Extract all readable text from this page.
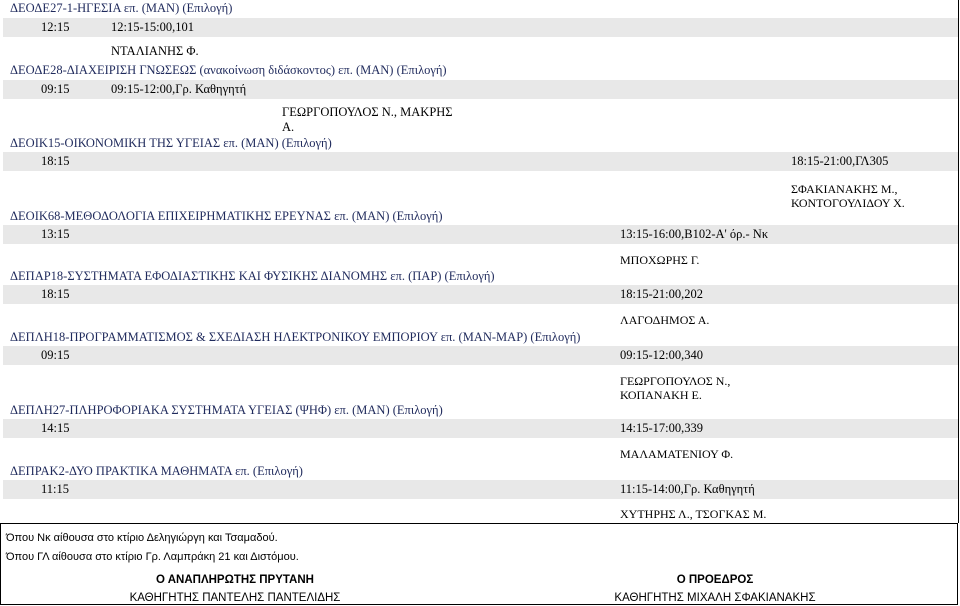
ΔΕΟΔΕ27-1-ΗΓΕΣΙΑ επ. (ΜΑΝ) (Επιλογή)
12:15	12:15-15:00,101
ΝΤΑΛΙΑΝΗΣ Φ.
ΔΕΟΔΕ28-ΔΙΑΧΕΙΡΙΣΗ ΓΝΩΣΕΩΣ (ανακοίνωση διδάσκοντος) επ. (ΜΑΝ) (Επιλογή)
09:15	09:15-12:00,Γρ. Καθηγητή
ΓΕΩΡΓΟΠΟΥΛΟΣ Ν., ΜΑΚΡΗΣ
Α.
ΔΕΟΙΚ15-ΟΙΚΟΝΟΜΙΚΗ ΤΗΣ ΥΓΕΙΑΣ επ. (ΜΑΝ) (Επιλογή)
18:15	18:15-21:00,ΓΛ305
ΣΦΑΚΙΑΝΑΚΗΣ Μ.,
ΚΟΝΤΟΓΟΥΛΙΔΟΥ Χ.
ΔΕΟΙΚ68-ΜΕΘΟΔΟΛΟΓΙΑ ΕΠΙΧΕΙΡΗΜΑΤΙΚΗΣ ΕΡΕΥΝΑΣ επ. (ΜΑΝ) (Επιλογή)
13:15	13:15-16:00,Β102-Α' όρ.- Νκ
ΜΠΟΧΩΡΗΣ Γ.
ΔΕΠΑΡ18-ΣΥΣΤΗΜΑΤΑ ΕΦΟΔΙΑΣΤΙΚΗΣ ΚΑΙ ΦΥΣΙΚΗΣ ΔΙΑΝΟΜΗΣ επ. (ΠΑΡ) (Επιλογή)
18:15	18:15-21:00,202
ΛΑΓΟΔΗΜΟΣ Α.
ΔΕΠΛΗ18-ΠΡΟΓΡΑΜΜΑΤΙΣΜΟΣ & ΣΧΕΔΙΑΣΗ ΗΛΕΚΤΡΟΝΙΚΟΥ ΕΜΠΟΡΙΟΥ επ. (ΜΑΝ-ΜΑΡ) (Επιλογή)
09:15	09:15-12:00,340
ΓΕΩΡΓΟΠΟΥΛΟΣ Ν.,
ΚΟΠΑΝΑΚΗ Ε.
ΔΕΠΛΗ27-ΠΛΗΡΟΦΟΡΙΑΚΑ ΣΥΣΤΗΜΑΤΑ ΥΓΕΙΑΣ (ΨΗΦ) επ. (ΜΑΝ) (Επιλογή)
14:15	14:15-17:00,339
ΜΑΛΑΜΑΤΕΝΙΟΥ Φ.
ΔΕΠΡΑΚ2-ΔΥΟ ΠΡΑΚΤΙΚΑ ΜΑΘΗΜΑΤΑ επ. (Επιλογή)
11:15	11:15-14:00,Γρ. Καθηγητή
ΧΥΤΗΡΗΣ Λ., ΤΣΟΓΚΑΣ Μ.
Όπου Νκ αίθουσα στο κτίριο Δεληγιώργη και Τσαμαδού.
Όπου ΓΛ αίθουσα στο κτίριο Γρ. Λαμπράκη 21 και Διστόμου.
Ο ΑΝΑΠΛΗΡΩΤΗΣ ΠΡΥΤΑΝΗ
ΚΑΘΗΓΗΤΗΣ ΠΑΝΤΕΛΗΣ ΠΑΝΤΕΛΙΔΗΣ
Ο ΠΡΟΕΔΡΟΣ
ΚΑΘΗΓΗΤΗΣ ΜΙΧΑΛΗ ΣΦΑΚΙΑΝΑΚΗΣ
